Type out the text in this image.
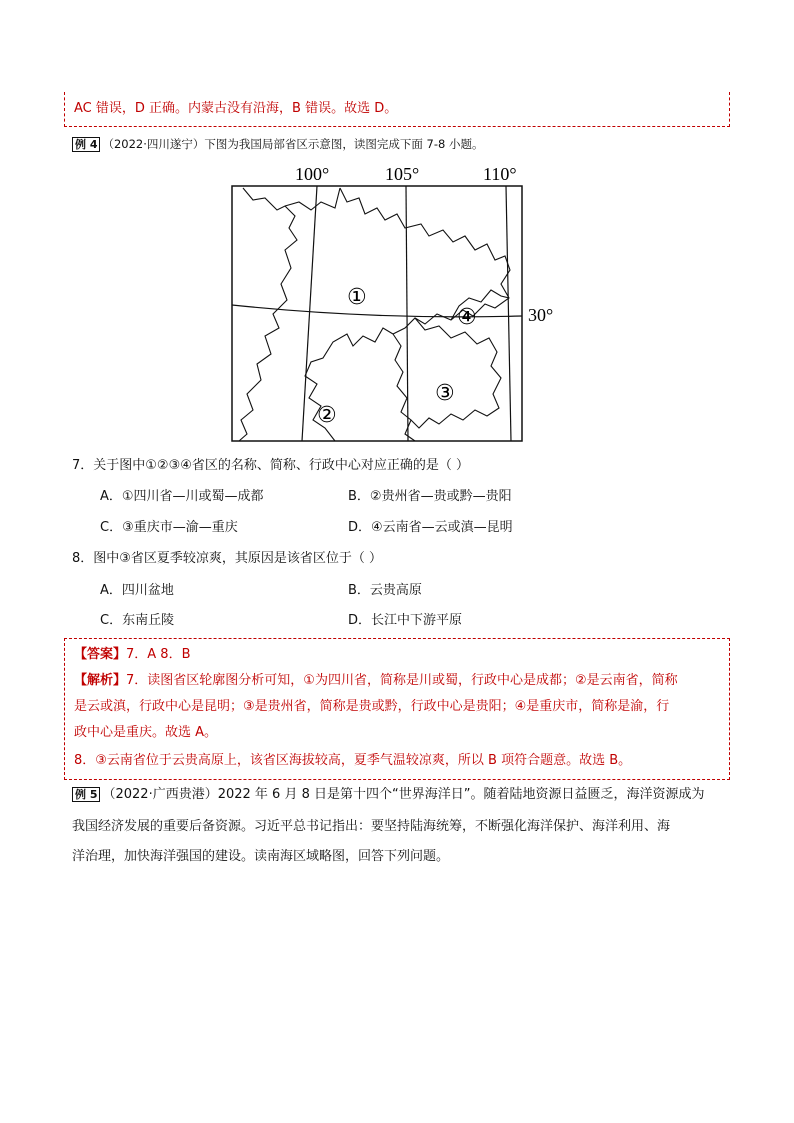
AC 错误，D 正确。内蒙古没有沿海，B 错误。故选 D。
例 4 （2022·四川遂宁）下图为我国局部省区示意图，读图完成下面 7-8 小题。
100°	105°	110°
30°
①
②
③
④
7．关于图中①②③④省区的名称、简称、行政中心对应正确的是（ ）
A．①四川省—川或蜀—成都	B．②贵州省—贵或黔—贵阳
C．③重庆市—渝—重庆	D．④云南省—云或滇—昆明
8．图中③省区夏季较凉爽，其原因是该省区位于（ ）
A．四川盆地	B．云贵高原
C．东南丘陵	D．长江中下游平原
【答案】7．A 8．B
【解析】7．读图省区轮廓图分析可知，①为四川省，简称是川或蜀，行政中心是成都；②是云南省，简称
是云或滇，行政中心是昆明；③是贵州省，简称是贵或黔，行政中心是贵阳；④是重庆市，简称是渝，行
政中心是重庆。故选 A。
8．③云南省位于云贵高原上，该省区海拔较高，夏季气温较凉爽，所以 B 项符合题意。故选 B。
例 5 （2022·广西贵港）2022 年 6 月 8 日是第十四个“世界海洋日”。随着陆地资源日益匮乏，海洋资源成为
我国经济发展的重要后备资源。习近平总书记指出：要坚持陆海统筹，不断强化海洋保护、海洋利用、海
洋治理，加快海洋强国的建设。读南海区域略图，回答下列问题。
